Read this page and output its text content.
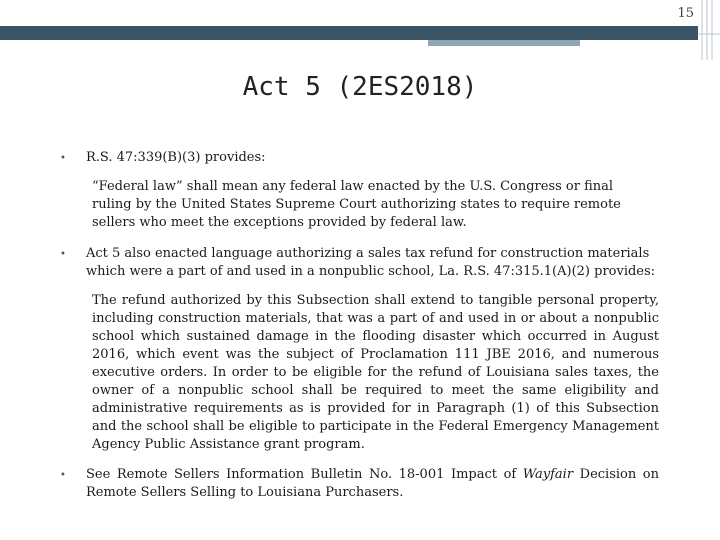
15
Act 5 (2ES2018)
• R.S. 47:339(B)(3) provides:
“Federal law” shall mean any federal law enacted by the U.S. Congress or final ruling by the United States Supreme Court authorizing states to require remote sellers who meet the exceptions provided by federal law.
• Act 5 also enacted language authorizing a sales tax refund for construction materials which were a part of and used in a nonpublic school, La. R.S. 47:315.1(A)(2) provides:
The refund authorized by this Subsection shall extend to tangible personal property, including construction materials, that was a part of and used in or about a nonpublic school which sustained damage in the flooding disaster which occurred in August 2016, which event was the subject of Proclamation 111 JBE 2016, and numerous executive orders. In order to be eligible for the refund of Louisiana sales taxes, the owner of a nonpublic school shall be required to meet the same eligibility and administrative requirements as is provided for in Paragraph (1) of this Subsection and the school shall be eligible to participate in the Federal Emergency Management Agency Public Assistance grant program.
• See Remote Sellers Information Bulletin No. 18-001 Impact of Wayfair Decision on Remote Sellers Selling to Louisiana Purchasers.
